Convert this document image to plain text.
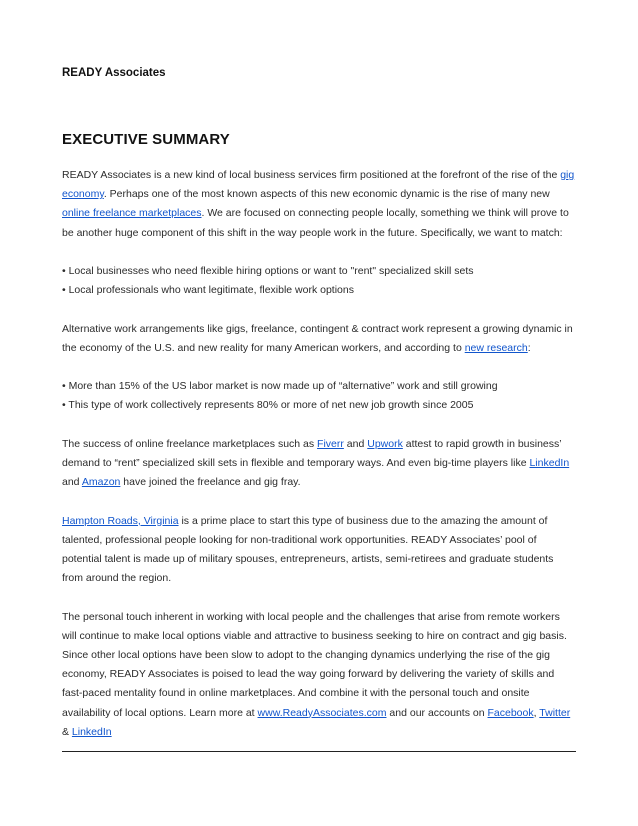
READY Associates
EXECUTIVE SUMMARY

READY Associates is a new kind of local business services firm positioned at the forefront of the rise of the gig economy. Perhaps one of the most known aspects of this new economic dynamic is the rise of many new online freelance marketplaces. We are focused on connecting people locally, something we think will prove to be another huge component of this shift in the way people work in the future. Specifically, we want to match:

• Local businesses who need flexible hiring options or want to "rent" specialized skill sets

• Local professionals who want legitimate, flexible work options

Alternative work arrangements like gigs, freelance, contingent & contract work represent a growing dynamic in the economy of the U.S. and new reality for many American workers, and according to new research:

• More than 15% of the US labor market is now made up of “alternative” work and still growing

• This type of work collectively represents 80% or more of net new job growth since 2005

The success of online freelance marketplaces such as Fiverr and Upwork attest to rapid growth in business’ demand to “rent” specialized skill sets in flexible and temporary ways. And even big-time players like LinkedIn and Amazon have joined the freelance and gig fray.

Hampton Roads, Virginia is a prime place to start this type of business due to the amazing the amount of talented, professional people looking for non-traditional work opportunities. READY Associates’ pool of potential talent is made up of military spouses, entrepreneurs, artists, semi-retirees and graduate students from around the region.

The personal touch inherent in working with local people and the challenges that arise from remote workers will continue to make local options viable and attractive to business seeking to hire on contract and gig basis. Since other local options have been slow to adopt to the changing dynamics underlying the rise of the gig economy, READY Associates is poised to lead the way going forward by delivering the variety of skills and fast-paced mentality found in online marketplaces. And combine it with the personal touch and onsite availability of local options. Learn more at www.ReadyAssociates.com and our accounts on Facebook, Twitter & LinkedIn
